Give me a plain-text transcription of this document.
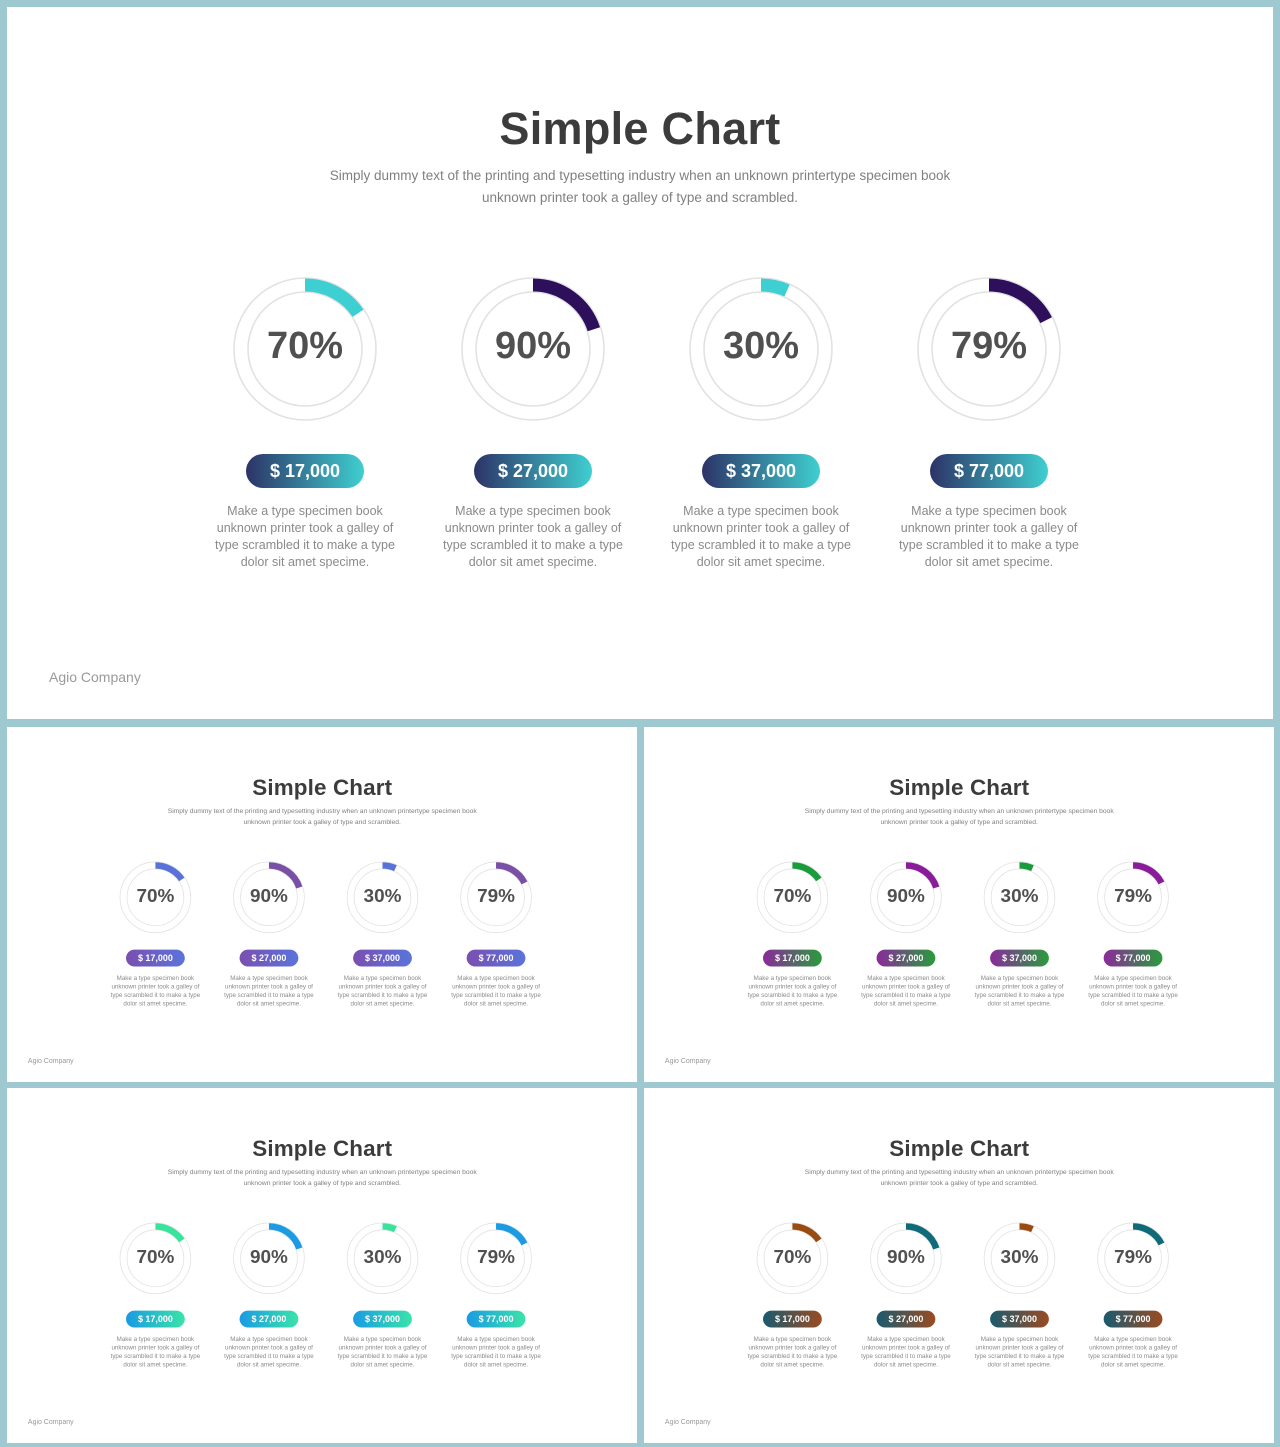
Simple Chart

Simply dummy text of the printing and typesetting industry when an unknown printertype specimen book
unknown printer took a galley of type and scrambled.

70%
$ 17,000

Make a type specimen book
unknown printer took a galley of
type scrambled it to make a type
dolor sit amet specime.

90%
$ 27,000

Make a type specimen book
unknown printer took a galley of
type scrambled it to make a type
dolor sit amet specime.

30%
$ 37,000

Make a type specimen book
unknown printer took a galley of
type scrambled it to make a type
dolor sit amet specime.

79%
$ 77,000

Make a type specimen book
unknown printer took a galley of
type scrambled it to make a type
dolor sit amet specime.

Agio Company
Simple Chart

Simply dummy text of the printing and typesetting industry when an unknown printertype specimen book
unknown printer took a galley of type and scrambled.

70%
$ 17,000

Make a type specimen book
unknown printer took a galley of
type scrambled it to make a type
dolor sit amet specime.

90%
$ 27,000

Make a type specimen book
unknown printer took a galley of
type scrambled it to make a type
dolor sit amet specime.

30%
$ 37,000

Make a type specimen book
unknown printer took a galley of
type scrambled it to make a type
dolor sit amet specime.

79%
$ 77,000

Make a type specimen book
unknown printer took a galley of
type scrambled it to make a type
dolor sit amet specime.

Agio Company
Simple Chart

Simply dummy text of the printing and typesetting industry when an unknown printertype specimen book
unknown printer took a galley of type and scrambled.

70%
$ 17,000

Make a type specimen book
unknown printer took a galley of
type scrambled it to make a type
dolor sit amet specime.

90%
$ 27,000

Make a type specimen book
unknown printer took a galley of
type scrambled it to make a type
dolor sit amet specime.

30%
$ 37,000

Make a type specimen book
unknown printer took a galley of
type scrambled it to make a type
dolor sit amet specime.

79%
$ 77,000

Make a type specimen book
unknown printer took a galley of
type scrambled it to make a type
dolor sit amet specime.

Agio Company
Simple Chart

Simply dummy text of the printing and typesetting industry when an unknown printertype specimen book
unknown printer took a galley of type and scrambled.

70%
$ 17,000

Make a type specimen book
unknown printer took a galley of
type scrambled it to make a type
dolor sit amet specime.

90%
$ 27,000

Make a type specimen book
unknown printer took a galley of
type scrambled it to make a type
dolor sit amet specime.

30%
$ 37,000

Make a type specimen book
unknown printer took a galley of
type scrambled it to make a type
dolor sit amet specime.

79%
$ 77,000

Make a type specimen book
unknown printer took a galley of
type scrambled it to make a type
dolor sit amet specime.

Agio Company
Simple Chart

Simply dummy text of the printing and typesetting industry when an unknown printertype specimen book
unknown printer took a galley of type and scrambled.

70%
$ 17,000

Make a type specimen book
unknown printer took a galley of
type scrambled it to make a type
dolor sit amet specime.

90%
$ 27,000

Make a type specimen book
unknown printer took a galley of
type scrambled it to make a type
dolor sit amet specime.

30%
$ 37,000

Make a type specimen book
unknown printer took a galley of
type scrambled it to make a type
dolor sit amet specime.

79%
$ 77,000

Make a type specimen book
unknown printer took a galley of
type scrambled it to make a type
dolor sit amet specime.

Agio Company
